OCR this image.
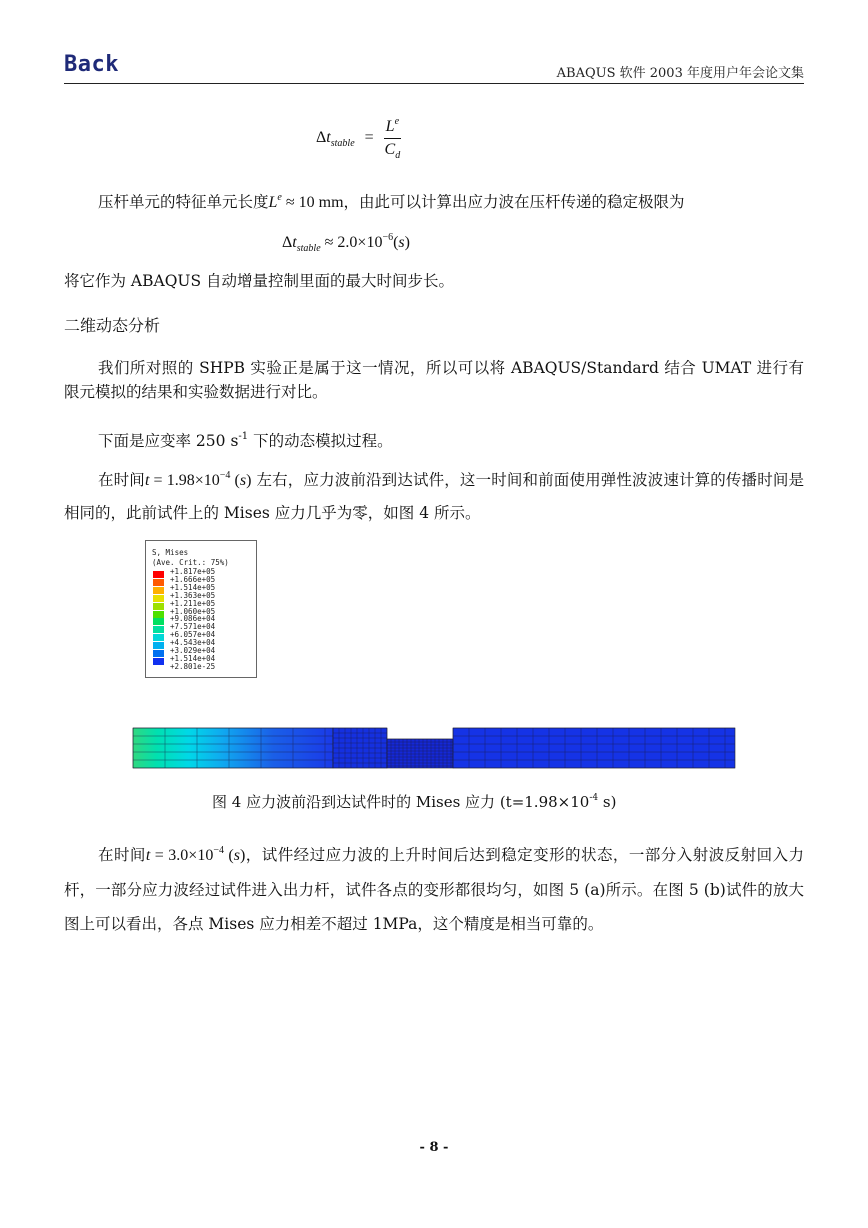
Back	ABAQUS 软件 2003 年度用户年会论文集
$\Delta t_{stable} = \frac{L^e}{C_d}$
压杆单元的特征单元长度$L^e \approx 10$ mm，由此可以计算出应力波在压杆传递的稳定极限为
$\Delta t_{stable} \approx 2.0\times 10^{-6}(s)$
将它作为 ABAQUS 自动增量控制里面的最大时间步长。
二维动态分析
我们所对照的 SHPB 实验正是属于这一情况，所以可以将 ABAQUS/Standard 结合 UMAT 进行有限元模拟的结果和实验数据进行对比。
下面是应变率 250 $s^{-1}$ 下的动态模拟过程。
在时间$t = 1.98\times 10^{-4}$ (s) 左右，应力波前沿到达试件，这一时间和前面使用弹性波波速计算的传播时间是相同的，此前试件上的 Mises 应力几乎为零，如图 4 所示。
S, Mises
(Ave. Crit.: 75%)
+1.817e+05
+1.666e+05
+1.514e+05
+1.363e+05
+1.211e+05
+1.060e+05
+9.086e+04
+7.571e+04
+6.057e+04
+4.543e+04
+3.029e+04
+1.514e+04
+2.801e-25
图 4 应力波前沿到达试件时的 Mises 应力 ($t=1.98\times 10^{-4}$ s)
在时间$t = 3.0\times 10^{-4}$ (s)，试件经过应力波的上升时间后达到稳定变形的状态，一部分入射波反射回入力杆，一部分应力波经过试件进入出力杆，试件各点的变形都很均匀，如图 5 (a)所示。在图 5 (b)试件的放大图上可以看出，各点 Mises 应力相差不超过 1MPa，这个精度是相当可靠的。
- 8 -
